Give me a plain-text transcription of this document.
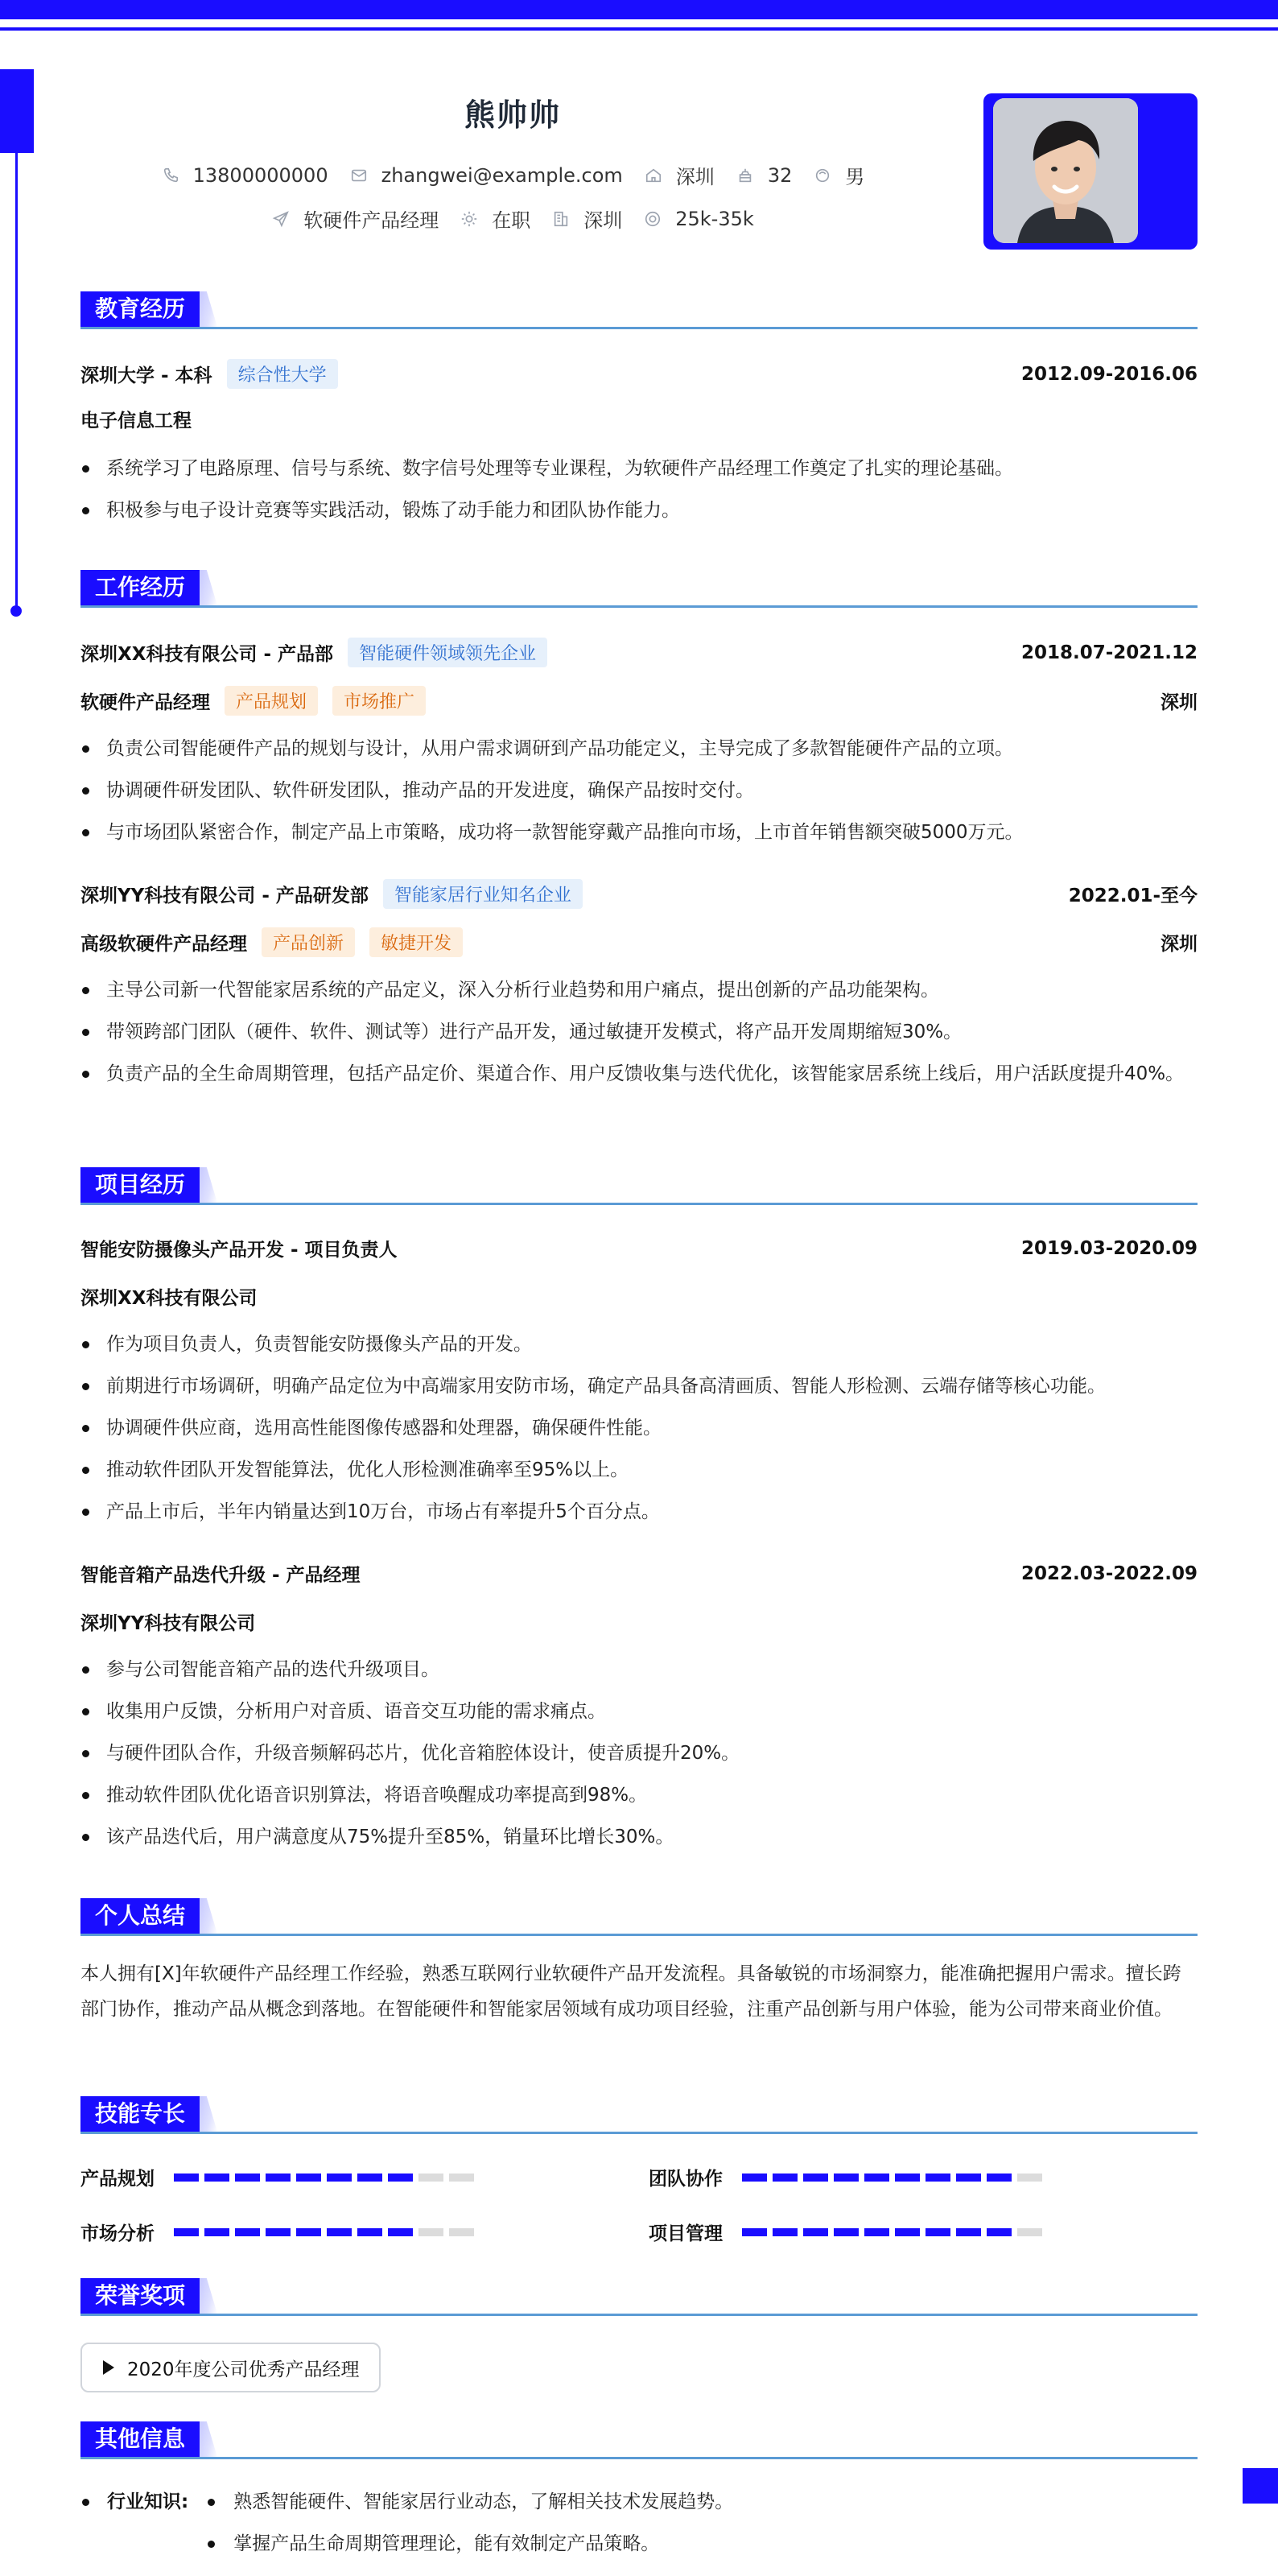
熊帅帅
13800000000	zhangwei@example.com	深圳	32	男
软硬件产品经理	在职	深圳	25k-35k
教育经历
深圳大学 - 本科	综合性大学	2012.09-2016.06
电子信息工程
系统学习了电路原理、信号与系统、数字信号处理等专业课程，为软硬件产品经理工作奠定了扎实的理论基础。
积极参与电子设计竞赛等实践活动，锻炼了动手能力和团队协作能力。
工作经历
深圳XX科技有限公司 - 产品部	智能硬件领域领先企业	2018.07-2021.12
软硬件产品经理	产品规划	市场推广	深圳
负责公司智能硬件产品的规划与设计，从用户需求调研到产品功能定义，主导完成了多款智能硬件产品的立项。
协调硬件研发团队、软件研发团队，推动产品的开发进度，确保产品按时交付。
与市场团队紧密合作，制定产品上市策略，成功将一款智能穿戴产品推向市场，上市首年销售额突破5000万元。
深圳YY科技有限公司 - 产品研发部	智能家居行业知名企业	2022.01-至今
高级软硬件产品经理	产品创新	敏捷开发	深圳
主导公司新一代智能家居系统的产品定义，深入分析行业趋势和用户痛点，提出创新的产品功能架构。
带领跨部门团队（硬件、软件、测试等）进行产品开发，通过敏捷开发模式，将产品开发周期缩短30%。
负责产品的全生命周期管理，包括产品定价、渠道合作、用户反馈收集与迭代优化，该智能家居系统上线后，用户活跃度提升40%。
项目经历
智能安防摄像头产品开发 - 项目负责人	2019.03-2020.09
深圳XX科技有限公司
作为项目负责人，负责智能安防摄像头产品的开发。
前期进行市场调研，明确产品定位为中高端家用安防市场，确定产品具备高清画质、智能人形检测、云端存储等核心功能。
协调硬件供应商，选用高性能图像传感器和处理器，确保硬件性能。
推动软件团队开发智能算法，优化人形检测准确率至95%以上。
产品上市后，半年内销量达到10万台，市场占有率提升5个百分点。
智能音箱产品迭代升级 - 产品经理	2022.03-2022.09
深圳YY科技有限公司
参与公司智能音箱产品的迭代升级项目。
收集用户反馈，分析用户对音质、语音交互功能的需求痛点。
与硬件团队合作，升级音频解码芯片，优化音箱腔体设计，使音质提升20%。
推动软件团队优化语音识别算法，将语音唤醒成功率提高到98%。
该产品迭代后，用户满意度从75%提升至85%，销量环比增长30%。
个人总结
本人拥有[X]年软硬件产品经理工作经验，熟悉互联网行业软硬件产品开发流程。具备敏锐的市场洞察力，能准确把握用户需求。擅长跨部门协作，推动产品从概念到落地。在智能硬件和智能家居领域有成功项目经验，注重产品创新与用户体验，能为公司带来商业价值。
技能专长
产品规划	团队协作
市场分析	项目管理
荣誉奖项
2020年度公司优秀产品经理
其他信息
行业知识:	熟悉智能硬件、智能家居行业动态，了解相关技术发展趋势。
掌握产品生命周期管理理论，能有效制定产品策略。
